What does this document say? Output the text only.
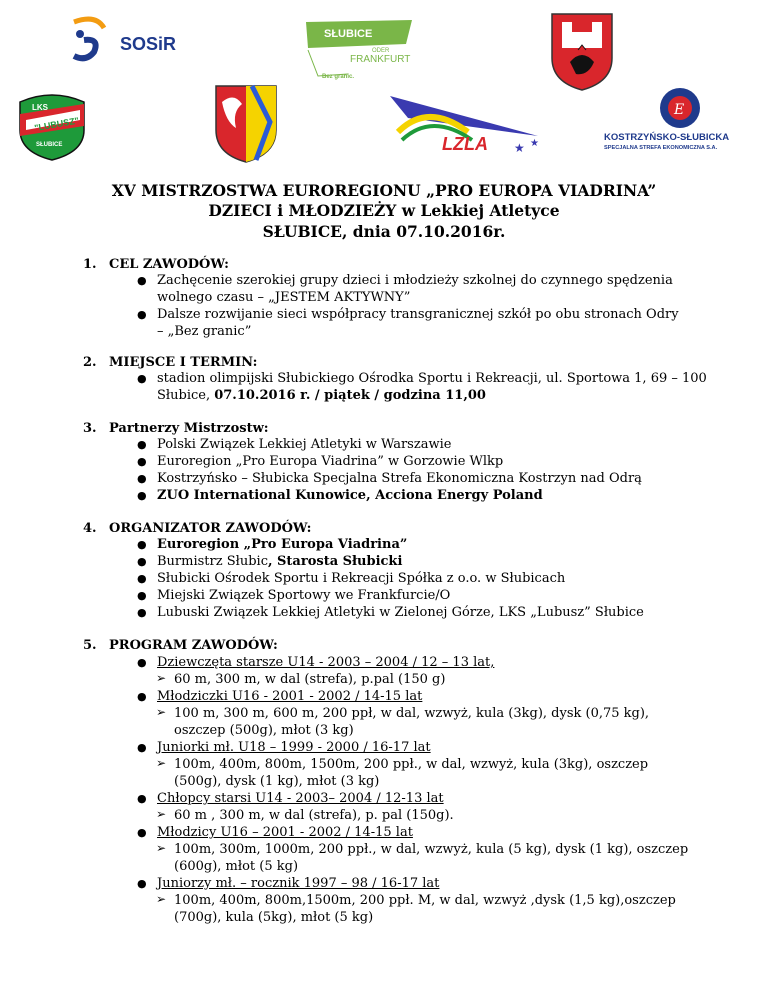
SOSiR	SŁUBICE
ODER
FRANKFURT
Bez granic.
LKS
"LUBUSZ"
SŁUBICE	LZLA ★ ★
E
KOSTRZYŃSKO-SŁUBICKA
SPECJALNA STREFA EKONOMICZNA S.A.
XV MISTRZOSTWA EUROREGIONU „PRO EUROPA VIADRINA”
DZIECI i MŁODZIEŻY w Lekkiej Atletyce
SŁUBICE, dnia 07.10.2016r.
1. CEL ZAWODÓW:
● Zachęcenie szerokiej grupy dzieci i młodzieży szkolnej do czynnego spędzenia
wolnego czasu – „JESTEM AKTYWNY”
● Dalsze rozwijanie sieci współpracy transgranicznej szkół po obu stronach Odry
– „Bez granic”
2. MIEJSCE I TERMIN:
● stadion olimpijski Słubickiego Ośrodka Sportu i Rekreacji, ul. Sportowa 1, 69 – 100
Słubice, 07.10.2016 r. / piątek / godzina 11,00
3. Partnerzy Mistrzostw:
● Polski Związek Lekkiej Atletyki w Warszawie
● Euroregion „Pro Europa Viadrina” w Gorzowie Wlkp
● Kostrzyńsko – Słubicka Specjalna Strefa Ekonomiczna Kostrzyn nad Odrą
● ZUO International Kunowice, Acciona Energy Poland
4. ORGANIZATOR ZAWODÓW:
● Euroregion „Pro Europa Viadrina”
● Burmistrz Słubic, Starosta Słubicki
● Słubicki Ośrodek Sportu i Rekreacji Spółka z o.o. w Słubicach
● Miejski Związek Sportowy we Frankfurcie/O
● Lubuski Związek Lekkiej Atletyki w Zielonej Górze, LKS „Lubusz” Słubice
5. PROGRAM ZAWODÓW:
● Dziewczęta starsze U14 - 2003 – 2004 / 12 – 13 lat,
➢ 60 m, 300 m, w dal (strefa), p.pal (150 g)
● Młodziczki U16 - 2001 - 2002 / 14-15 lat
➢ 100 m, 300 m, 600 m, 200 ppł, w dal, wzwyż, kula (3kg), dysk (0,75 kg),
oszczep (500g), młot (3 kg)
● Juniorki mł. U18 – 1999 - 2000 / 16-17 lat
➢ 100m, 400m, 800m, 1500m, 200 ppł., w dal, wzwyż, kula (3kg), oszczep
(500g), dysk (1 kg), młot (3 kg)
● Chłopcy starsi U14 - 2003– 2004 / 12-13 lat
➢ 60 m , 300 m, w dal (strefa), p. pal (150g).
● Młodzicy U16 – 2001 - 2002 / 14-15 lat
➢ 100m, 300m, 1000m, 200 ppł., w dal, wzwyż, kula (5 kg), dysk (1 kg), oszczep
(600g), młot (5 kg)
● Juniorzy mł. – rocznik 1997 – 98 / 16-17 lat
➢ 100m, 400m, 800m,1500m, 200 ppł. M, w dal, wzwyż ,dysk (1,5 kg),oszczep
(700g), kula (5kg), młot (5 kg)
